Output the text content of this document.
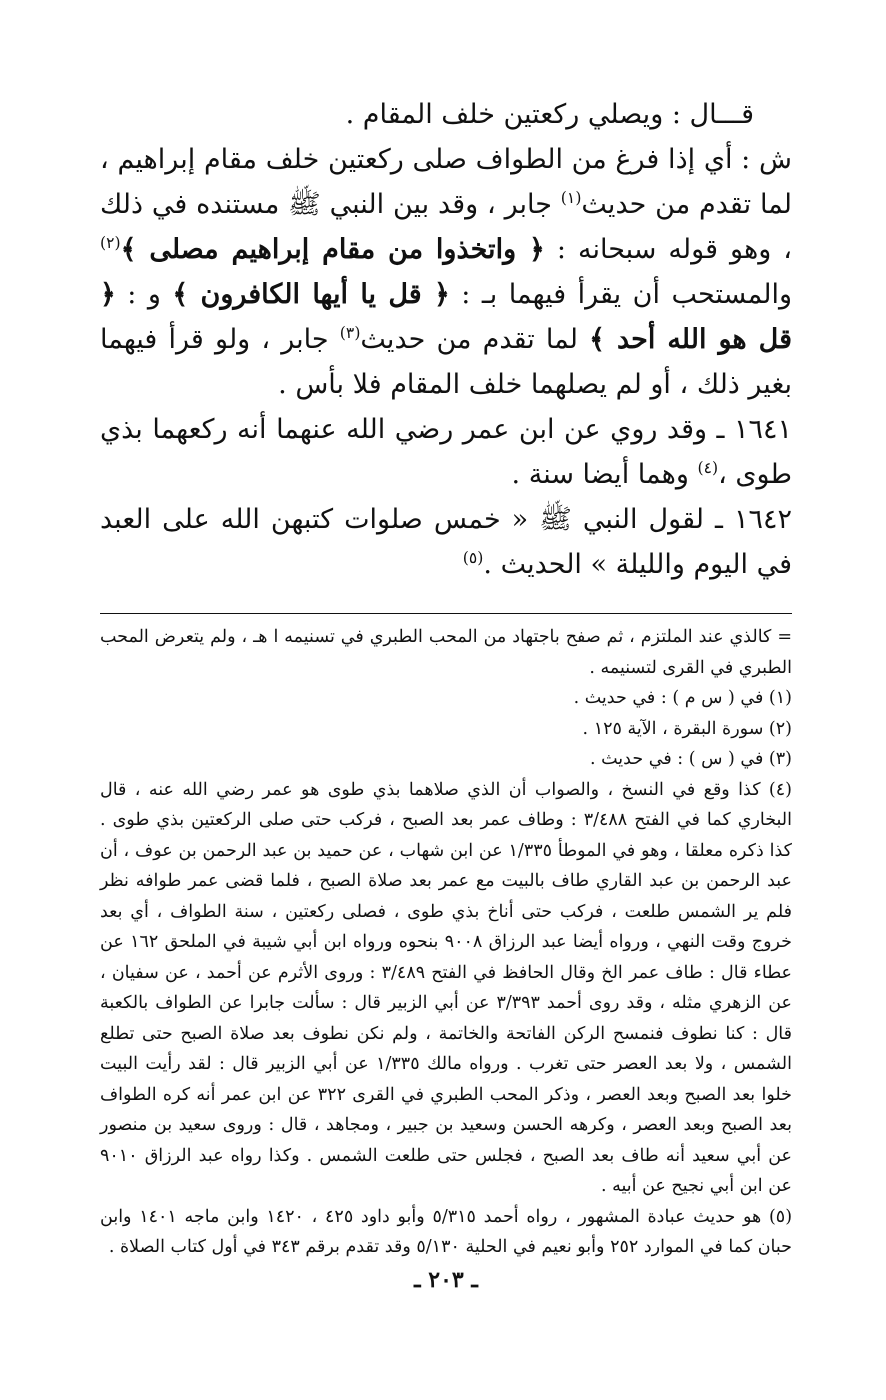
قـــال : ويصلي ركعتين خلف المقام .

ش : أي إذا فرغ من الطواف صلى ركعتين خلف مقام إبراهيم ، لما تقدم من حديث$^{(١)}$ جابر ، وقد بين النبي ﷺ مستنده في ذلك ، وهو قوله سبحانه : ﴿ واتخذوا من مقام إبراهيم مصلى ﴾$^{(٢)}$ والمستحب أن يقرأ فيهما بـ : ﴿ قل يا أيها الكافرون ﴾ و : ﴿ قل هو الله أحد ﴾ لما تقدم من حديث$^{(٣)}$ جابر ، ولو قرأ فيهما بغير ذلك ، أو لم يصلهما خلف المقام فلا بأس .

١٦٤١ ـ وقد روي عن ابن عمر رضي الله عنهما أنه ركعهما بذي طوى ،$^{(٤)}$ وهما أيضا سنة .

١٦٤٢ ـ لقول النبي ﷺ « خمس صلوات كتبهن الله على العبد في اليوم والليلة » الحديث .$^{(٥)}$

= كالذي عند الملتزم ، ثم صفح باجتهاد من المحب الطبري في تسنيمه ا هـ ، ولم يتعرض المحب الطبري في القرى لتسنيمه .

(١) في ( س م ) : في حديث .

(٢) سورة البقرة ، الآية ١٢٥ .

(٣) في ( س ) : في حديث .

(٤) كذا وقع في النسخ ، والصواب أن الذي صلاهما بذي طوى هو عمر رضي الله عنه ، قال البخاري كما في الفتح ٣/٤٨٨ : وطاف عمر بعد الصبح ، فركب حتى صلى الركعتين بذي طوى . كذا ذكره معلقا ، وهو في الموطأ ١/٣٣٥ عن ابن شهاب ، عن حميد بن عبد الرحمن بن عوف ، أن عبد الرحمن بن عبد القاري طاف بالبيت مع عمر بعد صلاة الصبح ، فلما قضى عمر طوافه نظر فلم ير الشمس طلعت ، فركب حتى أناخ بذي طوى ، فصلى ركعتين ، سنة الطواف ، أي بعد خروج وقت النهي ، ورواه أيضا عبد الرزاق ٩٠٠٨ بنحوه ورواه ابن أبي شيبة في الملحق ١٦٢ عن عطاء قال : طاف عمر الخ وقال الحافظ في الفتح ٣/٤٨٩ : وروى الأثرم عن أحمد ، عن سفيان ، عن الزهري مثله ، وقد روى أحمد ٣/٣٩٣ عن أبي الزبير قال : سألت جابرا عن الطواف بالكعبة قال : كنا نطوف فنمسح الركن الفاتحة والخاتمة ، ولم نكن نطوف بعد صلاة الصبح حتى تطلع الشمس ، ولا بعد العصر حتى تغرب . ورواه مالك ١/٣٣٥ عن أبي الزبير قال : لقد رأيت البيت خلوا بعد الصبح وبعد العصر ، وذكر المحب الطبري في القرى ٣٢٢ عن ابن عمر أنه كره الطواف بعد الصبح وبعد العصر ، وكرهه الحسن وسعيد بن جبير ، ومجاهد ، قال : وروى سعيد بن منصور عن أبي سعيد أنه طاف بعد الصبح ، فجلس حتى طلعت الشمس . وكذا رواه عبد الرزاق ٩٠١٠ عن ابن أبي نجيح عن أبيه .

(٥) هو حديث عبادة المشهور ، رواه أحمد ٥/٣١٥ وأبو داود ٤٢٥ ، ١٤٢٠ وابن ماجه ١٤٠١ وابن حبان كما في الموارد ٢٥٢ وأبو نعيم في الحلية ٥/١٣٠ وقد تقدم برقم ٣٤٣ في أول كتاب الصلاة .

ـ ٢٠٣ ـ
